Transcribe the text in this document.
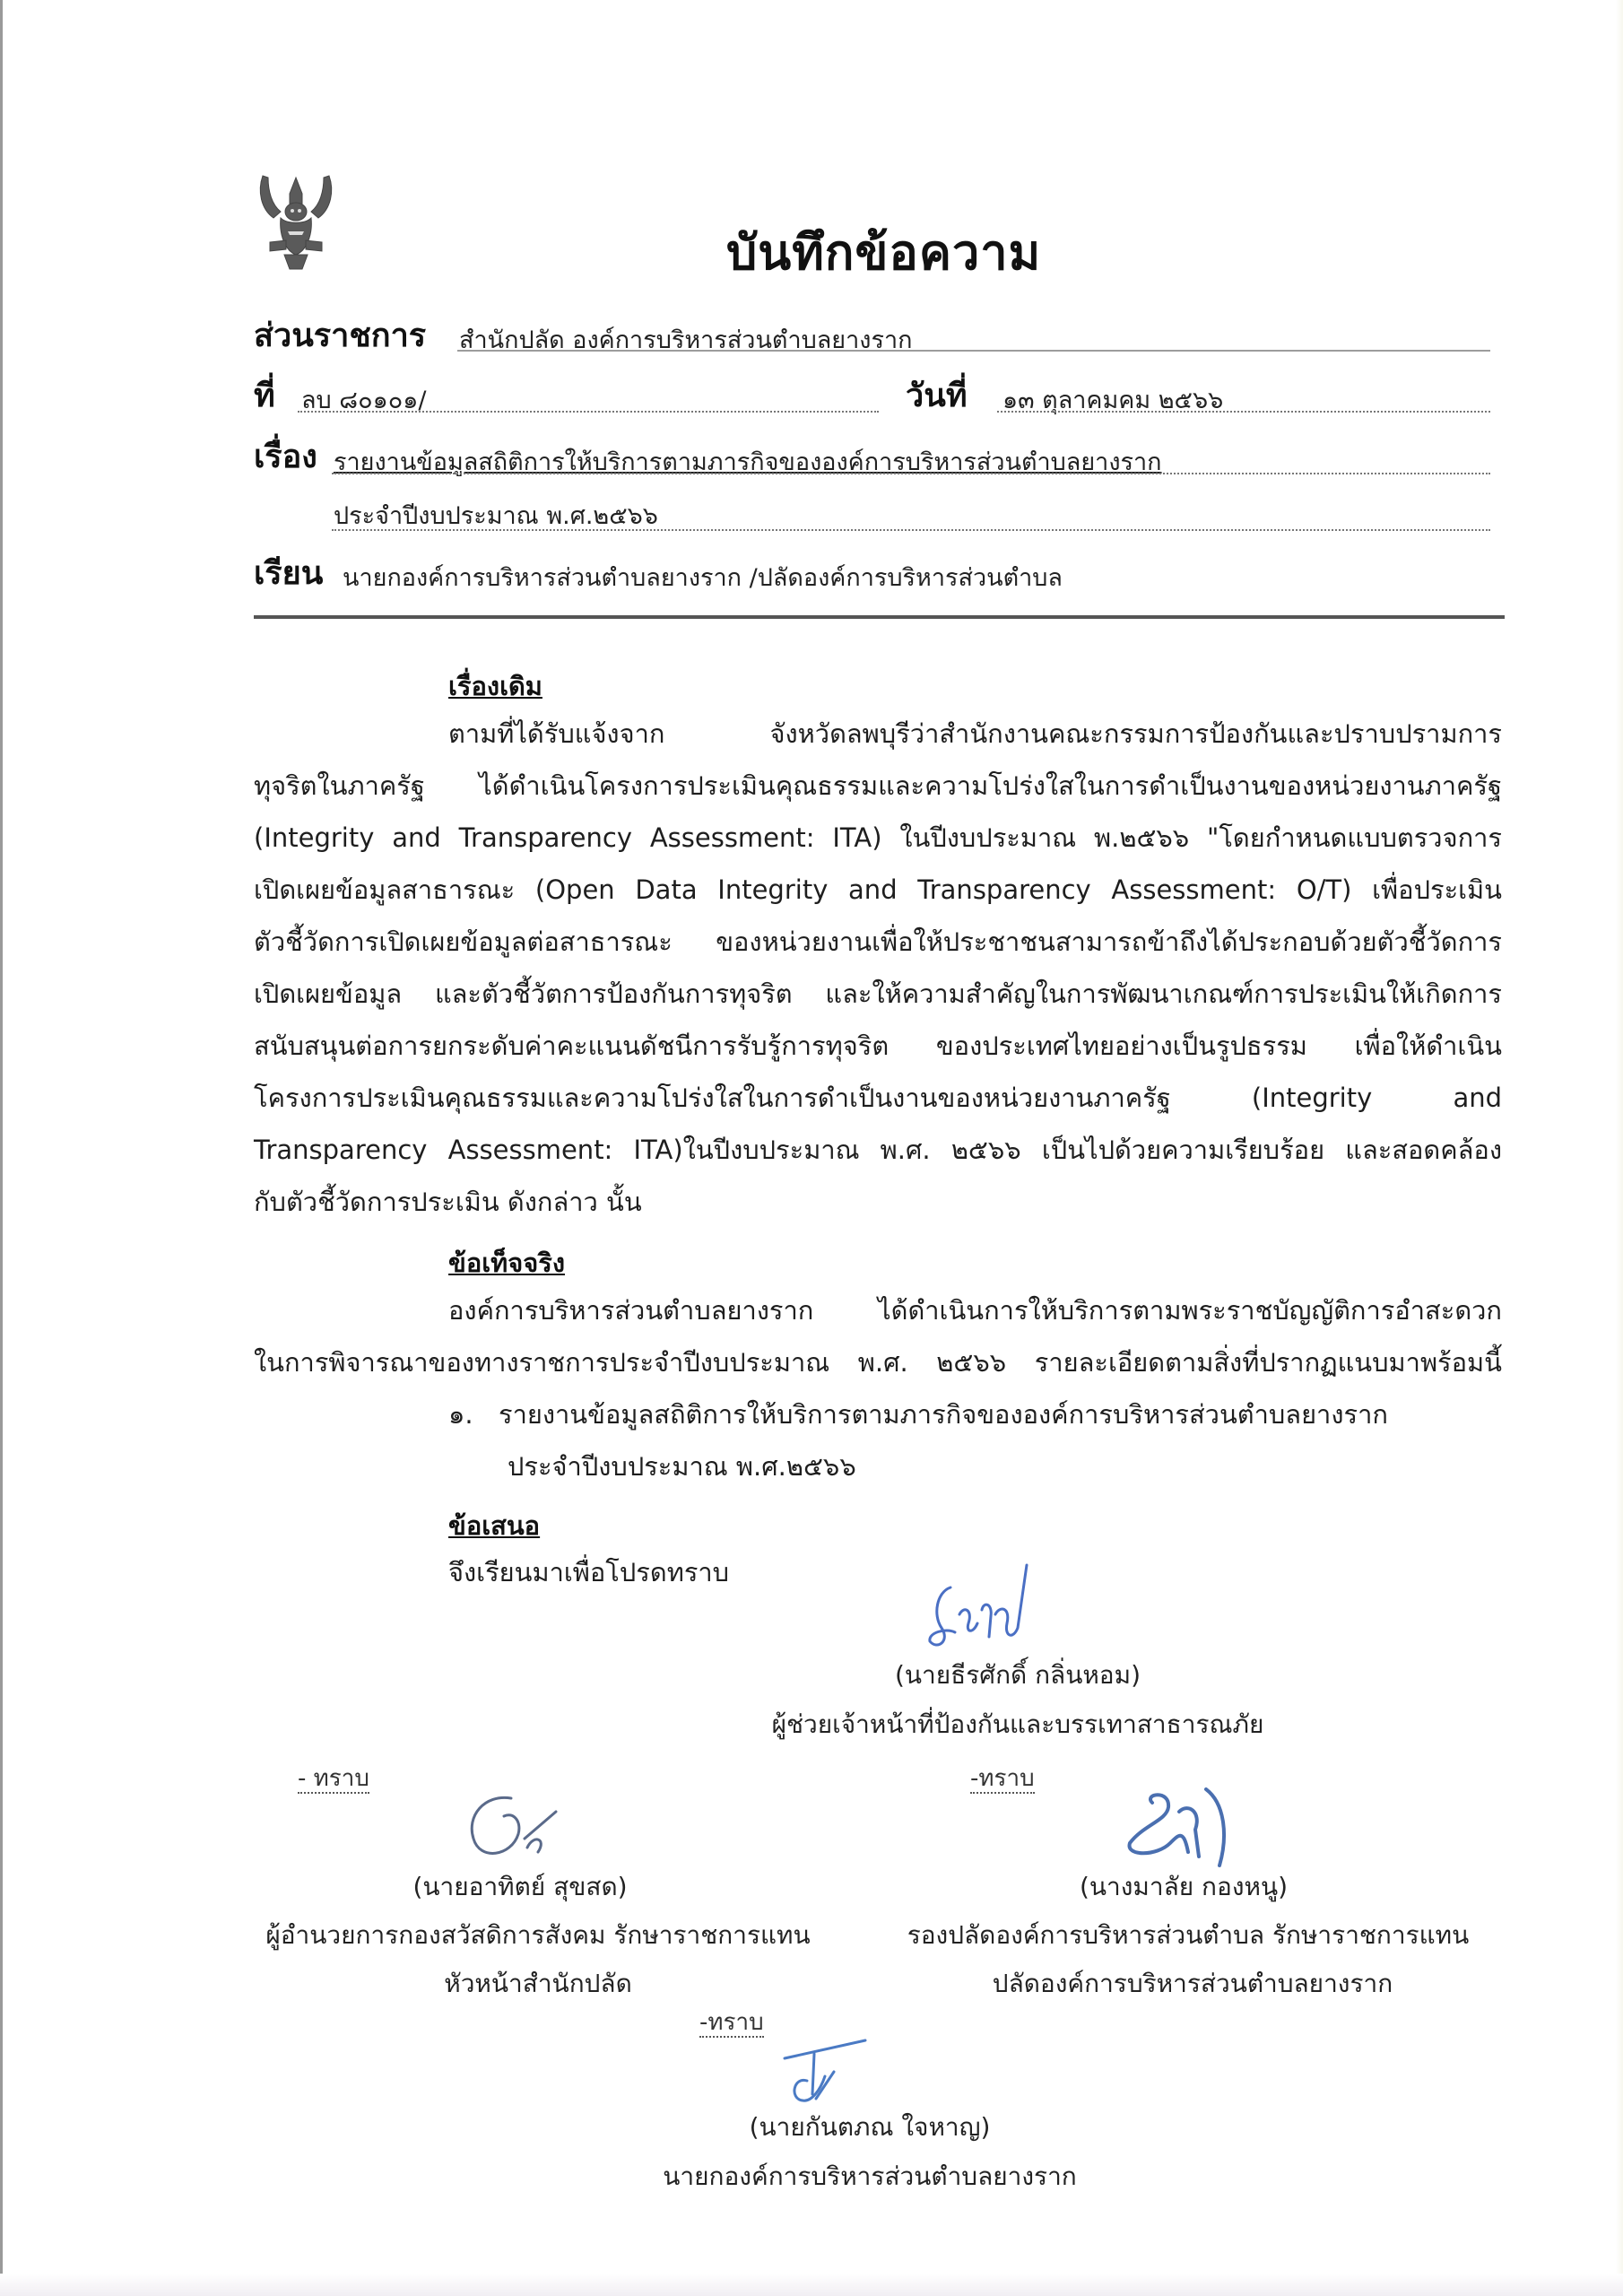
บันทึกข้อความ
ส่วนราชการ สำนักปลัด องค์การบริหารส่วนตำบลยางราก
ที่ ลบ ๘๐๑๐๑/	วันที่ ๑๓ ตุลาคมคม ๒๕๖๖
เรื่อง รายงานข้อมูลสถิติการให้บริการตามภารกิจขององค์การบริหารส่วนตำบลยางราก
ประจำปีงบประมาณ พ.ศ.๒๕๖๖
เรียน นายกองค์การบริหารส่วนตำบลยางราก /ปลัดองค์การบริหารส่วนตำบล
เรื่องเดิม
ตามที่ได้รับแจ้งจาก จังหวัดลพบุรีว่าสำนักงานคณะกรรมการป้องกันและปราบปรามการ
ทุจริตในภาครัฐ ได้ดำเนินโครงการประเมินคุณธรรมและความโปร่งใสในการดำเป็นงานของหน่วยงานภาครัฐ
(Integrity and Transparency Assessment: ITA) ในปีงบประมาณ พ.๒๕๖๖ "โดยกำหนดแบบตรวจการ
เปิดเผยข้อมูลสาธารณะ (Open Data Integrity and Transparency Assessment: O/T) เพื่อประเมิน
ตัวชี้วัดการเปิดเผยข้อมูลต่อสาธารณะ ของหน่วยงานเพื่อให้ประชาชนสามารถข้าถึงได้ประกอบด้วยตัวชี้วัดการ
เปิดเผยข้อมูล และตัวชี้วัตการป้องกันการทุจริต และให้ความสำคัญในการพัฒนาเกณฑ์การประเมินให้เกิดการ
สนับสนุนต่อการยกระดับค่าคะแนนดัชนีการรับรู้การทุจริต ของประเทศไทยอย่างเป็นรูปธรรม เพื่อให้ดำเนิน
โครงการประเมินคุณธรรมและความโปร่งใสในการดำเป็นงานของหน่วยงานภาครัฐ (Integrity and
Transparency Assessment: ITA)ในปีงบประมาณ พ.ศ. ๒๕๖๖ เป็นไปด้วยความเรียบร้อย และสอดคล้อง
กับตัวชี้วัดการประเมิน ดังกล่าว นั้น
ข้อเท็จจริง
องค์การบริหารส่วนตำบลยางราก ได้ดำเนินการให้บริการตามพระราชบัญญัติการอำสะดวก
ในการพิจารณาของทางราชการประจำปีงบประมาณ พ.ศ. ๒๕๖๖ รายละเอียดตามสิ่งที่ปรากฏแนบมาพร้อมนี้
๑. รายงานข้อมูลสถิติการให้บริการตามภารกิจขององค์การบริหารส่วนตำบลยางราก
ประจำปีงบประมาณ พ.ศ.๒๕๖๖
ข้อเสนอ
จึงเรียนมาเพื่อโปรดทราบ
(นายธีรศักดิ์ กลิ่นหอม)
ผู้ช่วยเจ้าหน้าที่ป้องกันและบรรเทาสาธารณภัย
- ทราบ
(นายอาทิตย์ สุขสด)
ผู้อำนวยการกองสวัสดิการสังคม รักษาราชการแทน
หัวหน้าสำนักปลัด
-ทราบ
(นางมาลัย กองหนู)
รองปลัดองค์การบริหารส่วนตำบล รักษาราชการแทน
ปลัดองค์การบริหารส่วนตำบลยางราก
-ทราบ
(นายกันตภณ ใจหาญ)
นายกองค์การบริหารส่วนตำบลยางราก
